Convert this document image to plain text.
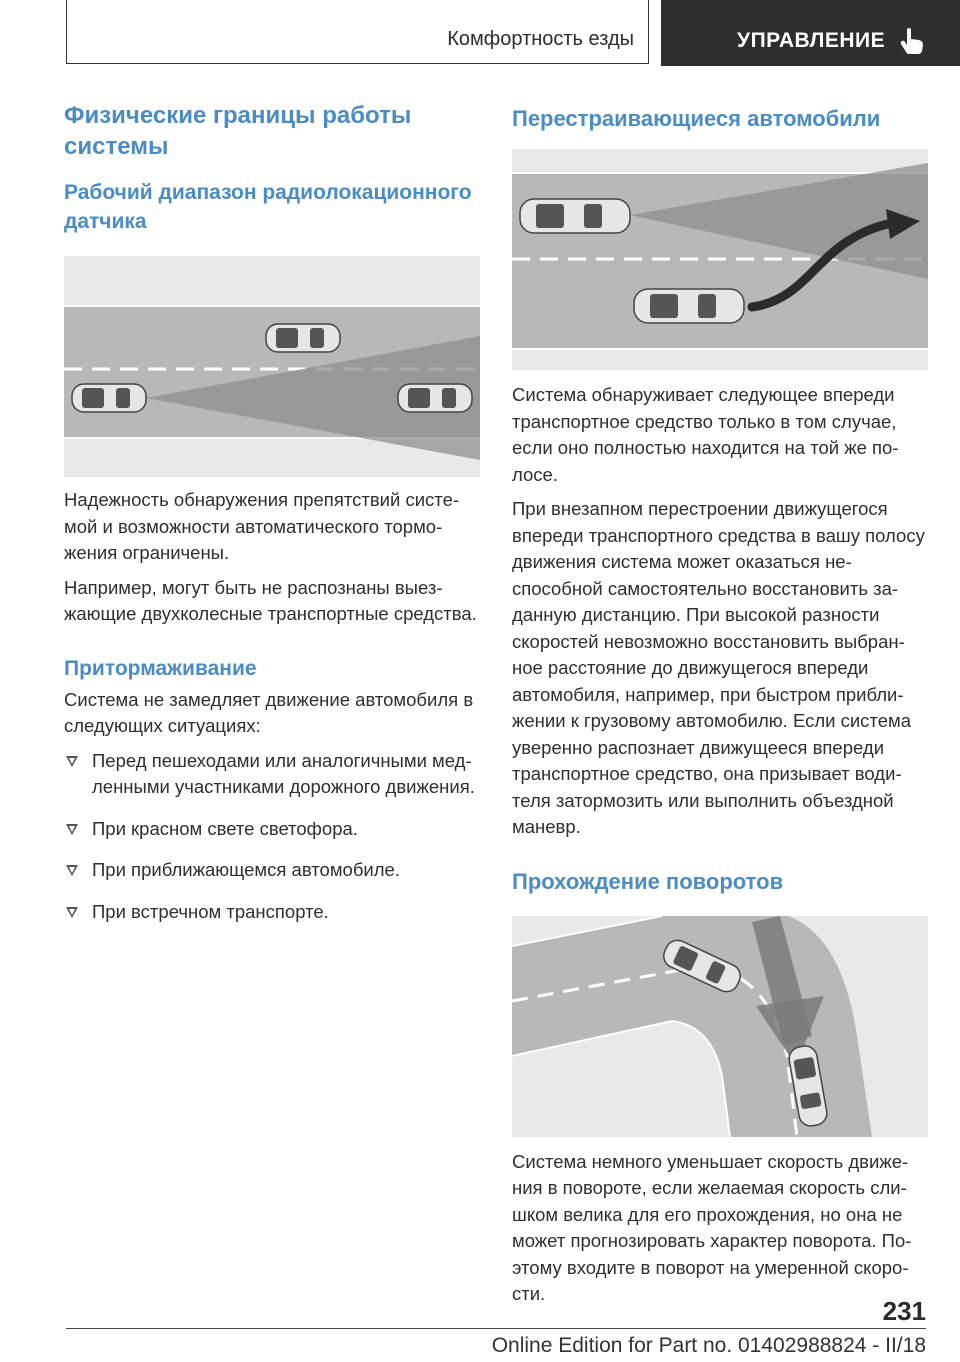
Комфортность езды	УПРАВЛЕНИЕ
Физические границы работы системы
Рабочий диапазон радиолокационного датчика

Надежность обнаружения препятствий системой и возможности автоматического торможения ограничены.

Например, могут быть не распознаны выезжающие двухколесные транспортные средства.

Притормаживание

Система не замедляет движение автомобиля в следующих ситуациях:

Перед пешеходами или аналогичными медленными участниками дорожного движения.
При красном свете светофора.
При приближающемся автомобиле.
При встречном транспорте.
Перестраивающиеся автомобили

Система обнаруживает следующее впереди транспортное средство только в том случае, если оно полностью находится на той же полосе.

При внезапном перестроении движущегося впереди транспортного средства в вашу полосу движения система может оказаться неспособной самостоятельно восстановить заданную дистанцию. При высокой разности скоростей невозможно восстановить выбранное расстояние до движущегося впереди автомобиля, например, при быстром приближении к грузовому автомобилю. Если система уверенно распознает движущееся впереди транспортное средство, она призывает водителя затормозить или выполнить объездной маневр.

Прохождение поворотов

Система немного уменьшает скорость движения в повороте, если желаемая скорость слишком велика для его прохождения, но она не может прогнозировать характер поворота. Поэтому входите в поворот на умеренной скорости.

231
Online Edition for Part no. 01402988824 - II/18
